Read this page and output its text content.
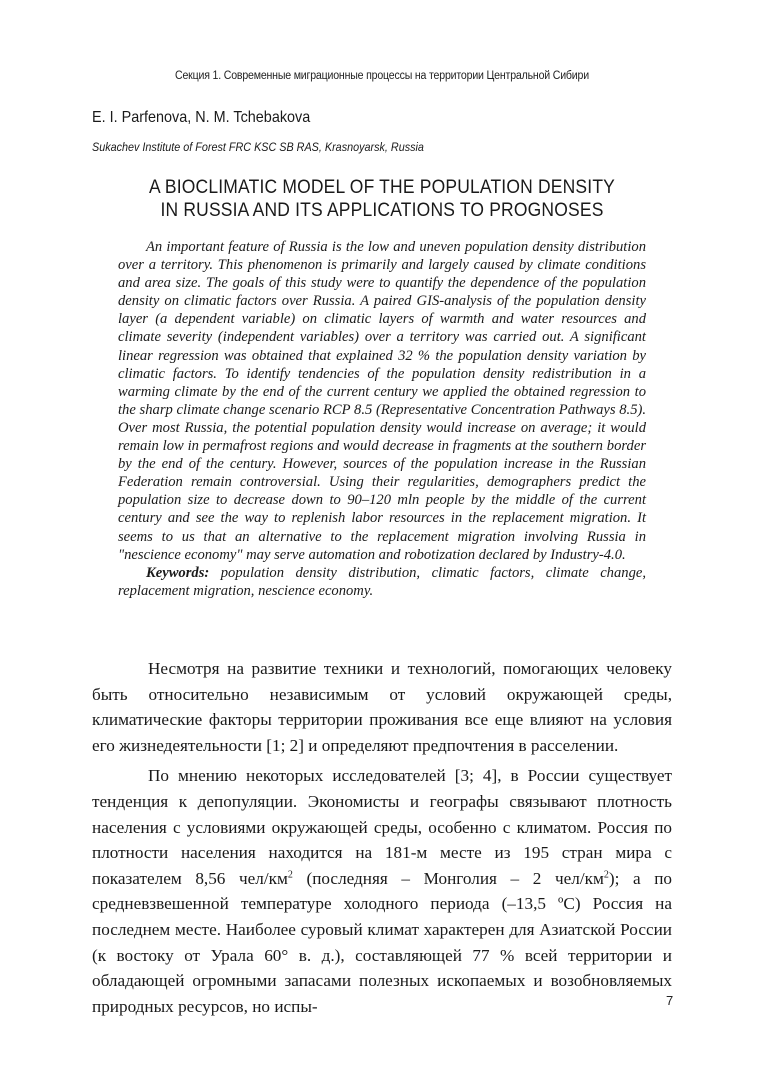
Секция 1. Современные миграционные процессы на территории Центральной Сибири
E. I. Parfenova, N. M. Tchebakova
Sukachev Institute of Forest FRC KSC SB RAS, Krasnoyarsk, Russia
A BIOCLIMATIC MODEL OF THE POPULATION DENSITY
IN RUSSIA AND ITS APPLICATIONS TO PROGNOSES

An important feature of Russia is the low and uneven population density distribution over a territory. This phenomenon is primarily and largely caused by climate conditions and area size. The goals of this study were to quantify the dependence of the population density on climatic factors over Russia. A paired GIS-analysis of the population density layer (a dependent variable) on climatic layers of warmth and water resources and climate severity (independent variables) over a territory was carried out. A significant linear regression was obtained that explained 32 % the population density variation by climatic factors. To identify tendencies of the population density redistribution in a warming climate by the end of the current century we applied the obtained regression to the sharp climate change scenario RCP 8.5 (Representative Concentration Pathways 8.5). Over most Russia, the potential population density would increase on average; it would remain low in permafrost regions and would decrease in fragments at the southern border by the end of the century. However, sources of the population increase in the Russian Federation remain controversial. Using their regularities, demographers predict the population size to decrease down to 90–120 mln people by the middle of the current century and see the way to replenish labor resources in the replacement migration. It seems to us that an alternative to the replacement migration involving Russia in "nescience economy" may serve automation and robotization declared by Industry-4.0.

Keywords: population density distribution, climatic factors, climate change, replacement migration, nescience economy.

Несмотря на развитие техники и технологий, помогающих человеку быть относительно независимым от условий окружающей среды, климатические факторы территории проживания все еще влияют на условия его жизнедеятельности [1; 2] и определяют предпочтения в расселении.

По мнению некоторых исследователей [3; 4], в России существует тенденция к депопуляции. Экономисты и географы связывают плотность населения с условиями окружающей среды, особенно с климатом. Россия по плотности населения находится на 181-м месте из 195 стран мира с показателем 8,56 чел/$км^2$ (последняя – Монголия – 2 чел/$км^2$); а по средневзвешенной температуре холодного периода (–13,5 ºС) Россия на последнем месте. Наиболее суровый климат характерен для Азиатской России (к востоку от Урала 60° в. д.), составляющей 77 % всей территории и обладающей огромными запасами полезных ископаемых и возобновляемых природных ресурсов, но испы-	7
